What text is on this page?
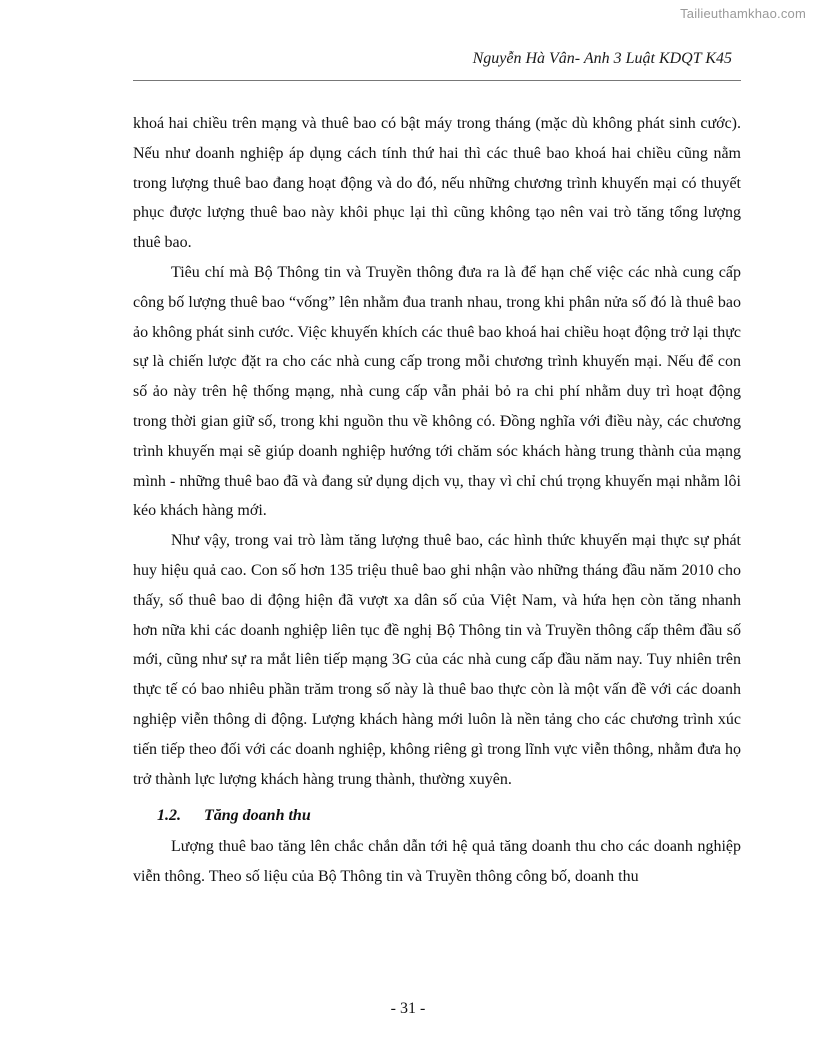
Tailieuthamkhao.com
Nguyễn Hà Vân- Anh 3 Luật KDQT K45

khoá hai chiều trên mạng và thuê bao có bật máy trong tháng (mặc dù không phát sinh cước). Nếu như doanh nghiệp áp dụng cách tính thứ hai thì các thuê bao khoá hai chiều cũng nằm trong lượng thuê bao đang hoạt động và do đó, nếu những chương trình khuyến mại có thuyết phục được lượng thuê bao này khôi phục lại thì cũng không tạo nên vai trò tăng tổng lượng thuê bao.

Tiêu chí mà Bộ Thông tin và Truyền thông đưa ra là để hạn chế việc các nhà cung cấp công bố lượng thuê bao “vống” lên nhằm đua tranh nhau, trong khi phân nửa số đó là thuê bao ảo không phát sinh cước. Việc khuyến khích các thuê bao khoá hai chiều hoạt động trở lại thực sự là chiến lược đặt ra cho các nhà cung cấp trong mỗi chương trình khuyến mại. Nếu để con số ảo này trên hệ thống mạng, nhà cung cấp vẫn phải bỏ ra chi phí nhằm duy trì hoạt động trong thời gian giữ số, trong khi nguồn thu về không có. Đồng nghĩa với điều này, các chương trình khuyến mại sẽ giúp doanh nghiệp hướng tới chăm sóc khách hàng trung thành của mạng mình - những thuê bao đã và đang sử dụng dịch vụ, thay vì chỉ chú trọng khuyến mại nhằm lôi kéo khách hàng mới.

Như vậy, trong vai trò làm tăng lượng thuê bao, các hình thức khuyến mại thực sự phát huy hiệu quả cao. Con số hơn 135 triệu thuê bao ghi nhận vào những tháng đầu năm 2010 cho thấy, số thuê bao di động hiện đã vượt xa dân số của Việt Nam, và hứa hẹn còn tăng nhanh hơn nữa khi các doanh nghiệp liên tục đề nghị Bộ Thông tin và Truyền thông cấp thêm đầu số mới, cũng như sự ra mắt liên tiếp mạng 3G của các nhà cung cấp đầu năm nay. Tuy nhiên trên thực tế có bao nhiêu phần trăm trong số này là thuê bao thực còn là một vấn đề với các doanh nghiệp viễn thông di động. Lượng khách hàng mới luôn là nền tảng cho các chương trình xúc tiến tiếp theo đối với các doanh nghiệp, không riêng gì trong lĩnh vực viễn thông, nhằm đưa họ trở thành lực lượng khách hàng trung thành, thường xuyên.

1.2. Tăng doanh thu

Lượng thuê bao tăng lên chắc chắn dẫn tới hệ quả tăng doanh thu cho các doanh nghiệp viễn thông. Theo số liệu của Bộ Thông tin và Truyền thông công bố, doanh thu

- 31 -
